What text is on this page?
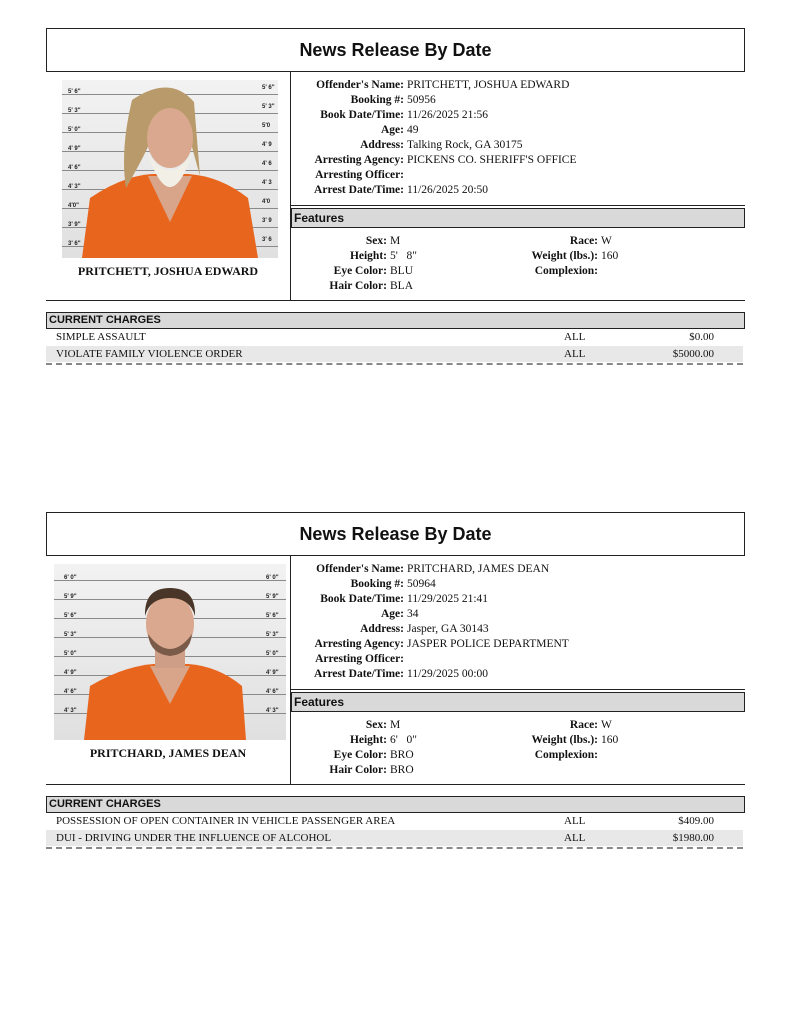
News Release By Date
5' 6"
5' 3"
5' 0"
4' 9"
4' 6"
4' 3"
4'0"
3' 9"
3' 6"
5' 6"
5' 3"
5'0
4' 9
4' 6
4' 3
4'0
3' 9
3' 6
PRITCHETT, JOSHUA EDWARD
Offender's Name: PRITCHETT, JOSHUA EDWARD
Booking #: 50956
Book Date/Time: 11/26/2025 21:56
Age: 49
Address: Talking Rock, GA 30175
Arresting Agency: PICKENS CO. SHERIFF'S OFFICE
Arresting Officer:
Arrest Date/Time: 11/26/2025 20:50
Features
Sex: M
Height: 5'   8"
Eye Color: BLU
Hair Color: BLA
Race: W
Weight (lbs.): 160
Complexion:
CURRENT CHARGES
SIMPLE ASSAULT	ALL	$0.00
VIOLATE FAMILY VIOLENCE ORDER	ALL	$5000.00
News Release By Date
6' 0"
5' 9"
5' 6"
5' 3"
5' 0"
4' 9"
4' 6"
4' 3"
6' 0"
5' 9"
5' 6"
5' 3"
5' 0"
4' 9"
4' 6"
4' 3"
PRITCHARD, JAMES DEAN
Offender's Name: PRITCHARD, JAMES DEAN
Booking #: 50964
Book Date/Time: 11/29/2025 21:41
Age: 34
Address: Jasper, GA 30143
Arresting Agency: JASPER POLICE DEPARTMENT
Arresting Officer:
Arrest Date/Time: 11/29/2025 00:00
Features
Sex: M
Height: 6'   0"
Eye Color: BRO
Hair Color: BRO
Race: W
Weight (lbs.): 160
Complexion:
CURRENT CHARGES
POSSESSION OF OPEN CONTAINER IN VEHICLE PASSENGER AREA	ALL	$409.00
DUI - DRIVING UNDER THE INFLUENCE OF ALCOHOL	ALL	$1980.00
